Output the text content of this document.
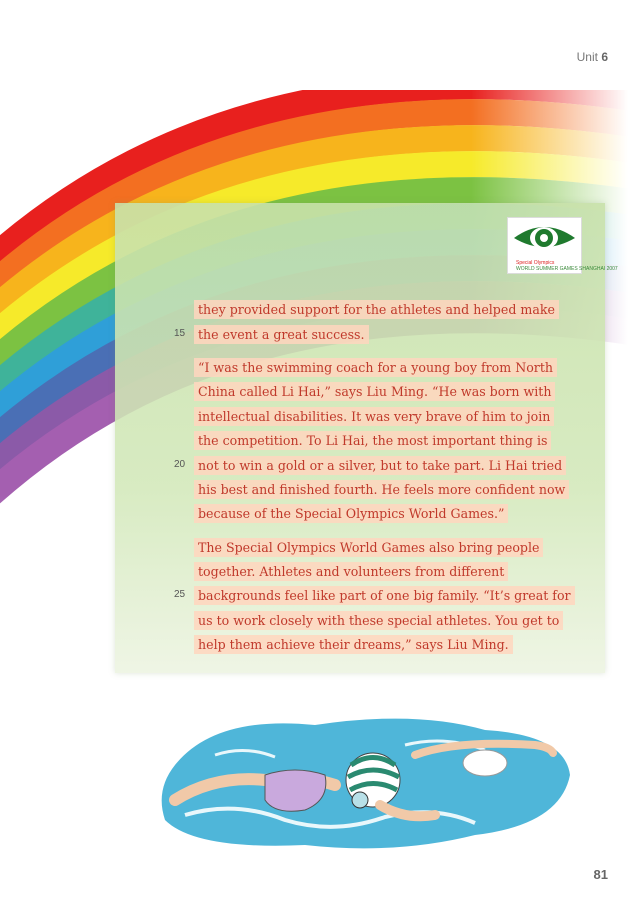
Unit 6
Special Olympics
WORLD SUMMER GAMES SHANGHAI 2007
they provided support for the athletes and helped make
the event a great success.
“I was the swimming coach for a young boy from North
China called Li Hai,” says Liu Ming. “He was born with
intellectual disabilities. It was very brave of him to join
the competition. To Li Hai, the most important thing is
not to win a gold or a silver, but to take part. Li Hai tried
his best and finished fourth. He feels more confident now
because of the Special Olympics World Games.”
The Special Olympics World Games also bring people
together. Athletes and volunteers from different
backgrounds feel like part of one big family. “It’s great for
us to work closely with these special athletes. You get to
help them achieve their dreams,” says Liu Ming.
15
20
25
81
